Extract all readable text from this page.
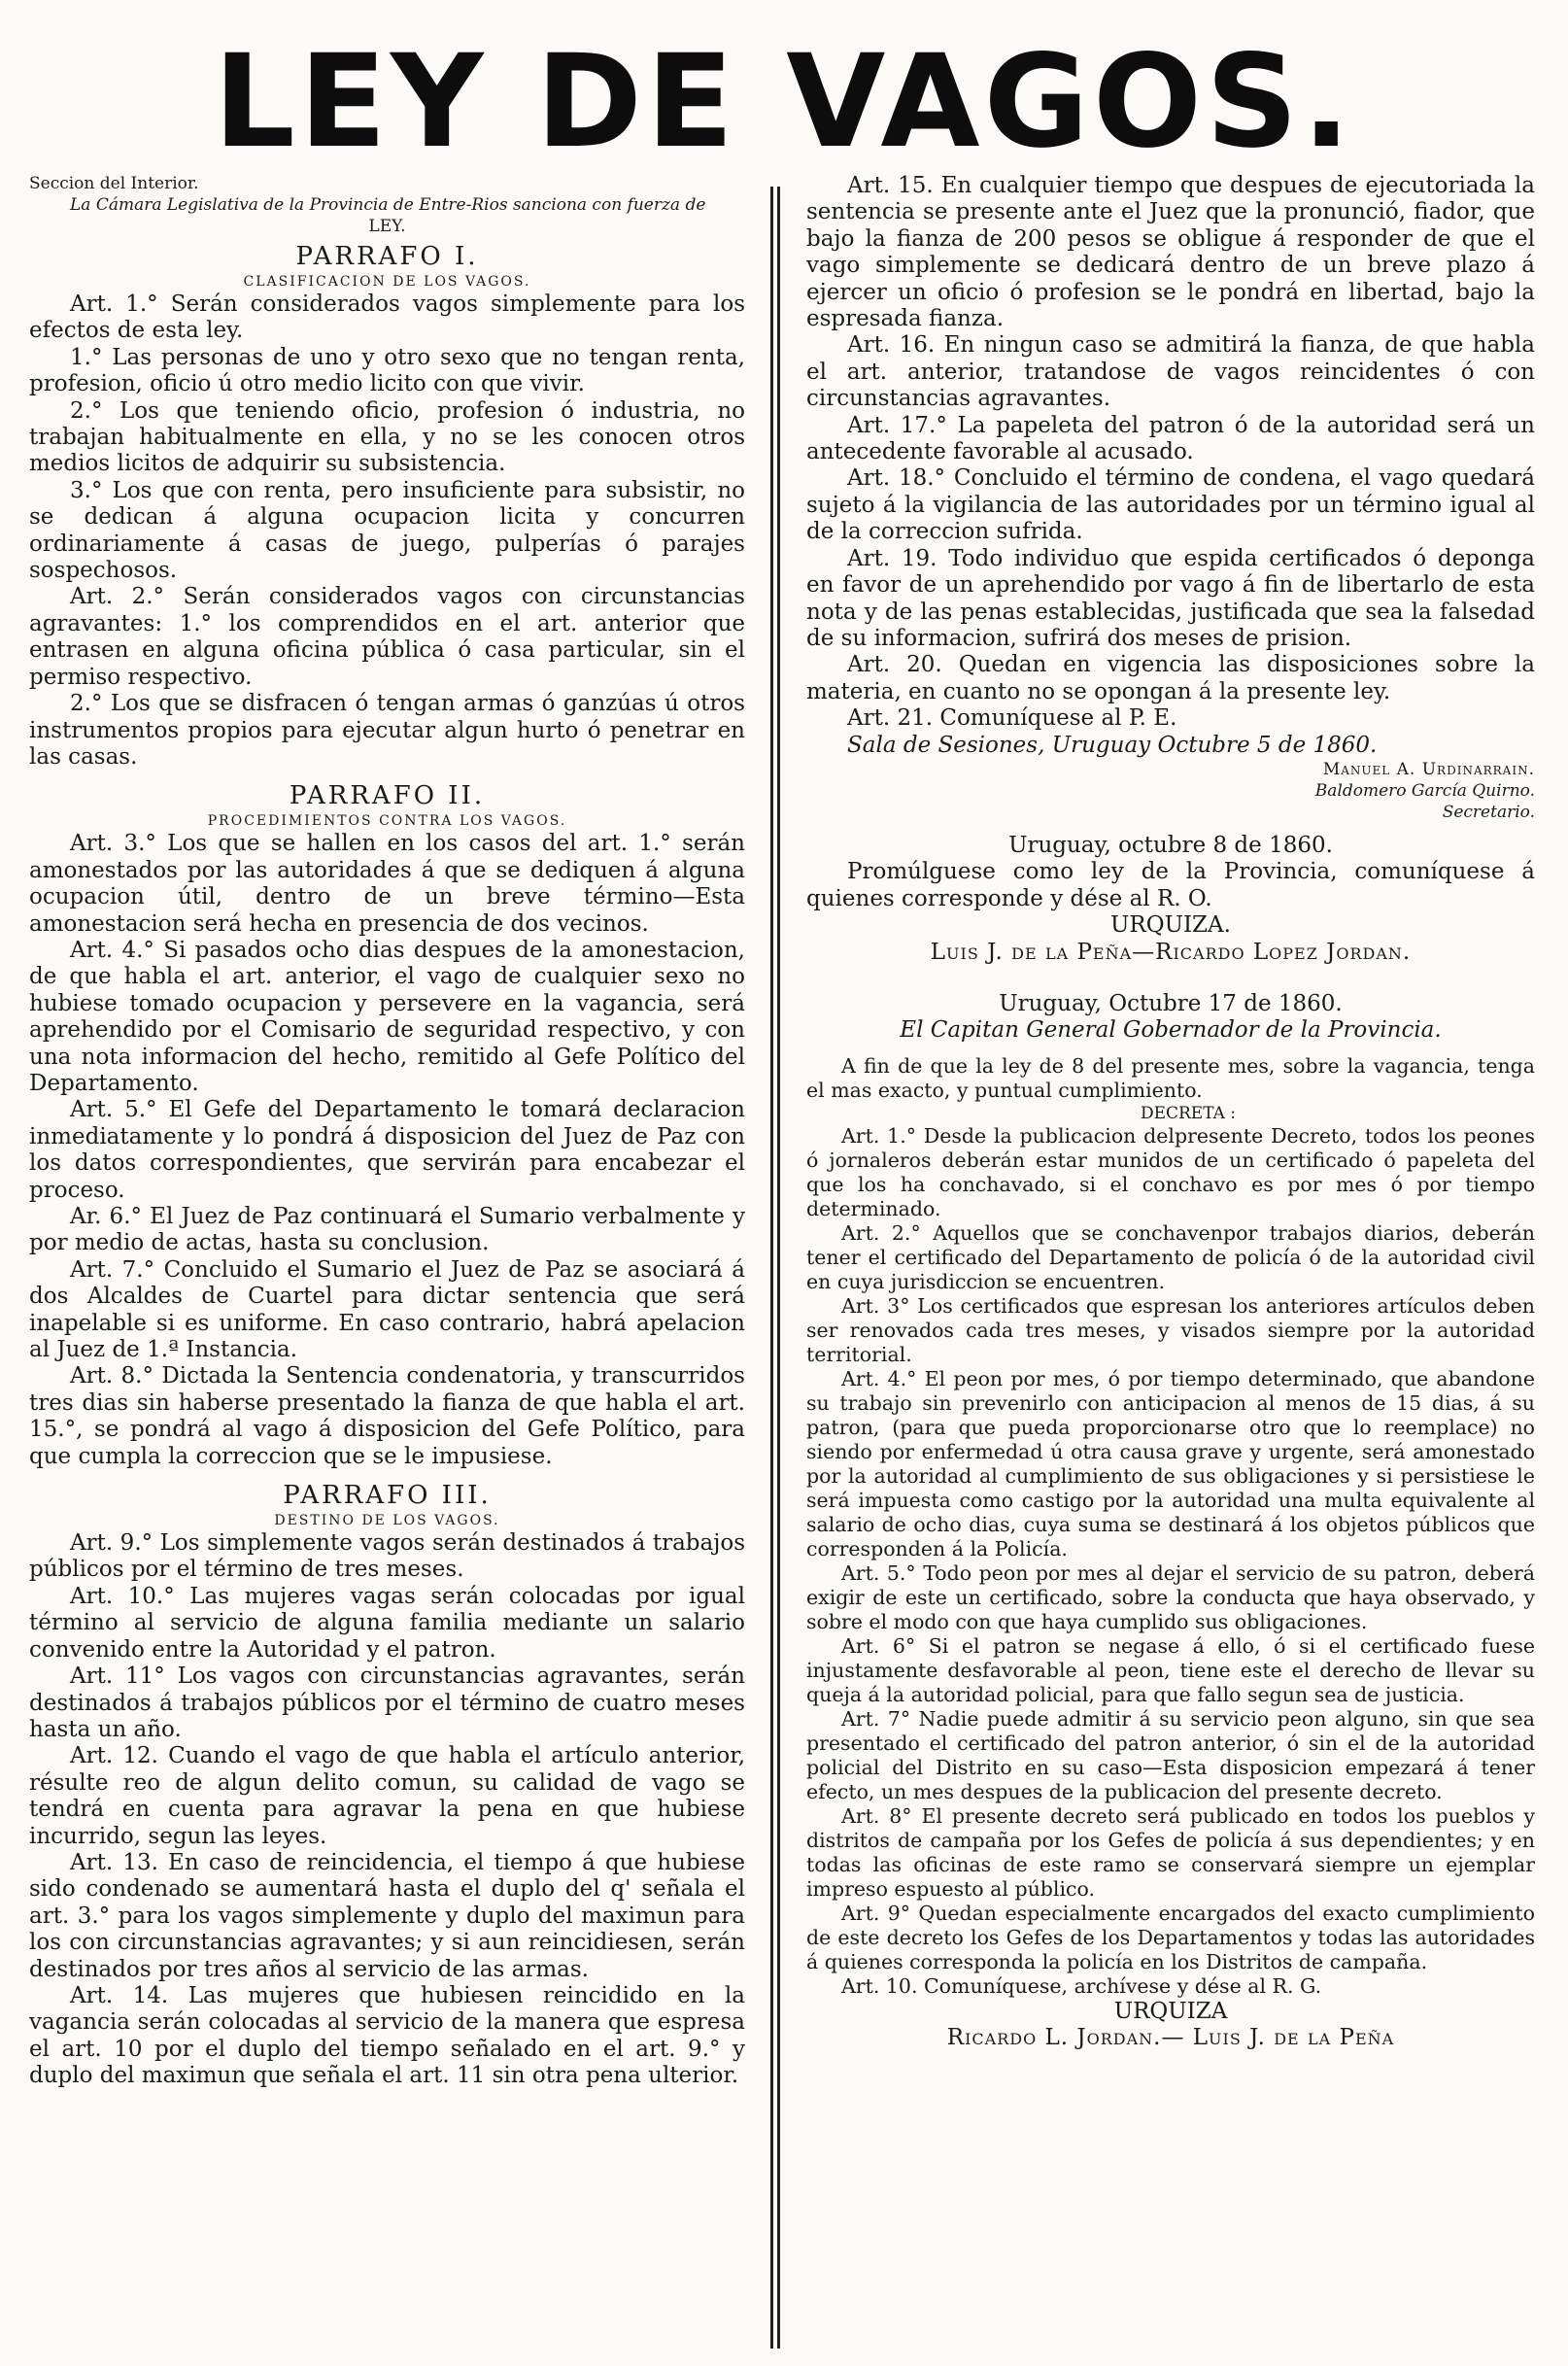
LEY DE VAGOS.

Seccion del Interior.

La Cámara Legislativa de la Provincia de Entre-Rios sanciona con fuerza de

LEY.

PARRAFO I.

CLASIFICACION DE LOS VAGOS.

Art. 1.° Serán considerados vagos simplemente para los efectos de esta ley.

1.° Las personas de uno y otro sexo que no tengan renta, profesion, oficio ú otro medio licito con que vivir.

2.° Los que teniendo oficio, profesion ó industria, no trabajan habitualmente en ella, y no se les conocen otros medios licitos de adquirir su subsistencia.

3.° Los que con renta, pero insuficiente para subsistir, no se dedican á alguna ocupacion licita y concurren ordinariamente á casas de juego, pulperías ó parajes sospechosos.

Art. 2.° Serán considerados vagos con circunstancias agravantes: 1.° los comprendidos en el art. anterior que entrasen en alguna oficina pública ó casa particular, sin el permiso respectivo.

2.° Los que se disfracen ó tengan armas ó ganzúas ú otros instrumentos propios para ejecutar algun hurto ó penetrar en las casas.

PARRAFO II.

PROCEDIMIENTOS CONTRA LOS VAGOS.

Art. 3.° Los que se hallen en los casos del art. 1.° serán amonestados por las autoridades á que se dediquen á alguna ocupacion útil, dentro de un breve término—Esta amonestacion será hecha en presencia de dos vecinos.

Art. 4.° Si pasados ocho dias despues de la amonestacion, de que habla el art. anterior, el vago de cualquier sexo no hubiese tomado ocupacion y persevere en la vagancia, será aprehendido por el Comisario de seguridad respectivo, y con una nota informacion del hecho, remitido al Gefe Político del Departamento.

Art. 5.° El Gefe del Departamento le tomará declaracion inmediatamente y lo pondrá á disposicion del Juez de Paz con los datos correspondientes, que servirán para encabezar el proceso.

Ar. 6.° El Juez de Paz continuará el Sumario verbalmente y por medio de actas, hasta su conclusion.

Art. 7.° Concluido el Sumario el Juez de Paz se asociará á dos Alcaldes de Cuartel para dictar sentencia que será inapelable si es uniforme. En caso contrario, habrá apelacion al Juez de 1.ª Instancia.

Art. 8.° Dictada la Sentencia condenatoria, y transcurridos tres dias sin haberse presentado la fianza de que habla el art. 15.°, se pondrá al vago á disposicion del Gefe Político, para que cumpla la correccion que se le impusiese.

PARRAFO III.

DESTINO DE LOS VAGOS.

Art. 9.° Los simplemente vagos serán destinados á trabajos públicos por el término de tres meses.

Art. 10.° Las mujeres vagas serán colocadas por igual término al servicio de alguna familia mediante un salario convenido entre la Autoridad y el patron.

Art. 11° Los vagos con circunstancias agravantes, serán destinados á trabajos públicos por el término de cuatro meses hasta un año.

Art. 12. Cuando el vago de que habla el artículo anterior, résulte reo de algun delito comun, su calidad de vago se tendrá en cuenta para agravar la pena en que hubiese incurrido, segun las leyes.

Art. 13. En caso de reincidencia, el tiempo á que hubiese sido condenado se aumentará hasta el duplo del q' señala el art. 3.° para los vagos simplemente y duplo del maximun para los con circunstancias agravantes; y si aun reincidiesen, serán destinados por tres años al servicio de las armas.

Art. 14. Las mujeres que hubiesen reincidido en la vagancia serán colocadas al servicio de la manera que espresa el art. 10 por el duplo del tiempo señalado en el art. 9.° y duplo del maximun que señala el art. 11 sin otra pena ulterior.

Art. 15. En cualquier tiempo que despues de ejecutoriada la sentencia se presente ante el Juez que la pronunció, fiador, que bajo la fianza de 200 pesos se obligue á responder de que el vago simplemente se dedicará dentro de un breve plazo á ejercer un oficio ó profesion se le pondrá en libertad, bajo la espresada fianza.

Art. 16. En ningun caso se admitirá la fianza, de que habla el art. anterior, tratandose de vagos reincidentes ó con circunstancias agravantes.

Art. 17.° La papeleta del patron ó de la autoridad será un antecedente favorable al acusado.

Art. 18.° Concluido el término de condena, el vago quedará sujeto á la vigilancia de las autoridades por un término igual al de la correccion sufrida.

Art. 19. Todo individuo que espida certificados ó deponga en favor de un aprehendido por vago á fin de libertarlo de esta nota y de las penas establecidas, justificada que sea la falsedad de su informacion, sufrirá dos meses de prision.

Art. 20. Quedan en vigencia las disposiciones sobre la materia, en cuanto no se opongan á la presente ley.

Art. 21. Comuníquese al P. E.

Sala de Sesiones, Uruguay Octubre 5 de 1860.

Manuel A. Urdinarrain.

Baldomero García Quirno.

Secretario.

Uruguay, octubre 8 de 1860.

Promúlguese como ley de la Provincia, comuníquese á quienes corresponde y dése al R. O.

URQUIZA.

Luis J. de la Peña—Ricardo Lopez Jordan.

Uruguay, Octubre 17 de 1860.

El Capitan General Gobernador de la Provincia.

A fin de que la ley de 8 del presente mes, sobre la vagancia, tenga el mas exacto, y puntual cumplimiento.

DECRETA :

Art. 1.° Desde la publicacion delpresente Decreto, todos los peones ó jornaleros deberán estar munidos de un certificado ó papeleta del que los ha conchavado, si el conchavo es por mes ó por tiempo determinado.

Art. 2.° Aquellos que se conchavenpor trabajos diarios, deberán tener el certificado del Departamento de policía ó de la autoridad civil en cuya jurisdiccion se encuentren.

Art. 3° Los certificados que espresan los anteriores artículos deben ser renovados cada tres meses, y visados siempre por la autoridad territorial.

Art. 4.° El peon por mes, ó por tiempo determinado, que abandone su trabajo sin prevenirlo con anticipacion al menos de 15 dias, á su patron, (para que pueda proporcionarse otro que lo reemplace) no siendo por enfermedad ú otra causa grave y urgente, será amonestado por la autoridad al cumplimiento de sus obligaciones y si persistiese le será impuesta como castigo por la autoridad una multa equivalente al salario de ocho dias, cuya suma se destinará á los objetos públicos que corresponden á la Policía.

Art. 5.° Todo peon por mes al dejar el servicio de su patron, deberá exigir de este un certificado, sobre la conducta que haya observado, y sobre el modo con que haya cumplido sus obligaciones.

Art. 6° Si el patron se negase á ello, ó si el certificado fuese injustamente desfavorable al peon, tiene este el derecho de llevar su queja á la autoridad policial, para que fallo segun sea de justicia.

Art. 7° Nadie puede admitir á su servicio peon alguno, sin que sea presentado el certificado del patron anterior, ó sin el de la autoridad policial del Distrito en su caso—Esta disposicion empezará á tener efecto, un mes despues de la publicacion del presente decreto.

Art. 8° El presente decreto será publicado en todos los pueblos y distritos de campaña por los Gefes de policía á sus dependientes; y en todas las oficinas de este ramo se conservará siempre un ejemplar impreso espuesto al público.

Art. 9° Quedan especialmente encargados del exacto cumplimiento de este decreto los Gefes de los Departamentos y todas las autoridades á quienes corresponda la policía en los Distritos de campaña.

Art. 10. Comuníquese, archívese y dése al R. G.

URQUIZA

Ricardo L. Jordan.— Luis J. de la Peña
